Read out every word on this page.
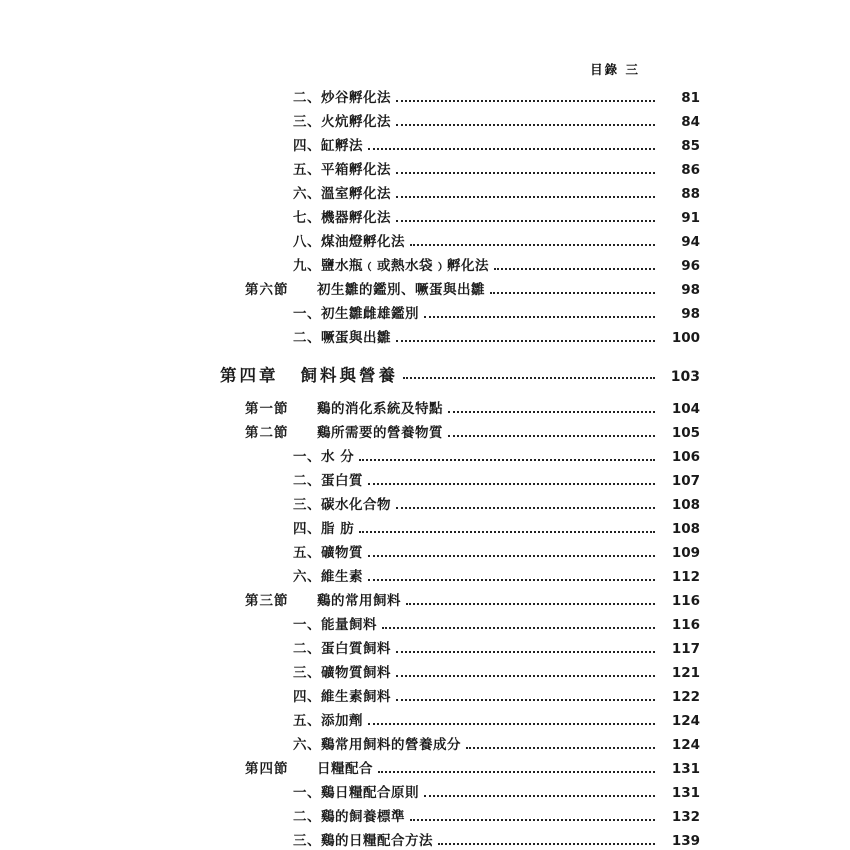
目錄 三
二、炒谷孵化法	81
三、火炕孵化法	84
四、缸孵法	85
五、平箱孵化法	86
六、溫室孵化法	88
七、機器孵化法	91
八、煤油燈孵化法	94
九、鹽水瓶﹙或熱水袋﹚孵化法	96
第六節	初生雛的鑑別、噘蛋與出雛	98
一、初生雛雌雄鑑別	98
二、噘蛋與出雛	100
第四章 飼料與營養	103
第一節	鷄的消化系統及特點	104
第二節	鷄所需要的營養物質	105
一、水 分	106
二、蛋白質	107
三、碳水化合物	108
四、脂 肪	108
五、礦物質	109
六、維生素	112
第三節	鷄的常用飼料	116
一、能量飼料	116
二、蛋白質飼料	117
三、礦物質飼料	121
四、維生素飼料	122
五、添加劑	124
六、鷄常用飼料的營養成分	124
第四節	日糧配合	131
一、鷄日糧配合原則	131
二、鷄的飼養標準	132
三、鷄的日糧配合方法	139
